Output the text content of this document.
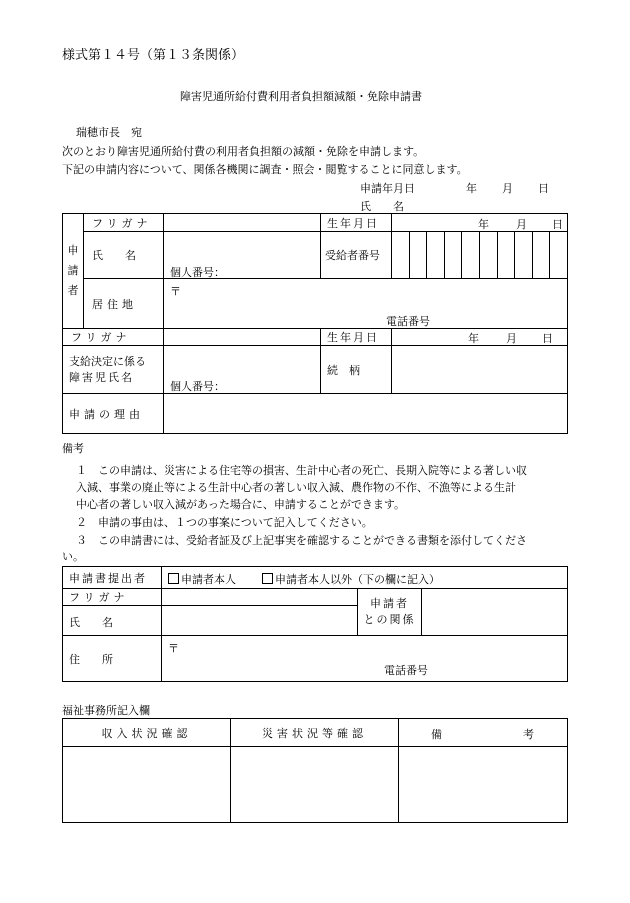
様式第１４号（第１３条関係）
障害児通所給付費利用者負担額減額・免除申請書
瑞穂市長　宛
次のとおり障害児通所給付費の利用者負担額の減額・免除を申請します。
下記の申請内容について、関係各機関に調査・照会・閲覧することに同意します。
申請年月日	年 月 日
氏　　名
申
請
者	フリガナ		生年月日	年 月 日

	氏　　名	個人番号：	受給者番号	

	居住地	〒
電話番号		

フリガナ			生年月日	年 月 日

支給決定に係る
障害児氏名		個人番号：	続　柄	
申請の理由				
備考
１　この申請は、災害による住宅等の損害、生計中心者の死亡、長期入院等による著しい収
入減、事業の廃止等による生計中心者の著しい収入減、農作物の不作、不漁等による生計
中心者の著しい収入減があった場合に、申請することができます。
２　申請の事由は、１つの事案について記入してください。
３　この申請書には、受給者証及び上記事実を確認することができる書類を添付してくださ
い。
申請書提出者	申請者本人 申請者本人以外（下の欄に記入）		

フリガナ		申請者
との関係	

氏　　名			

住　　所	〒
電話番号		
福祉事務所記入欄
収入状況確認	災害状況等確認	備 考
